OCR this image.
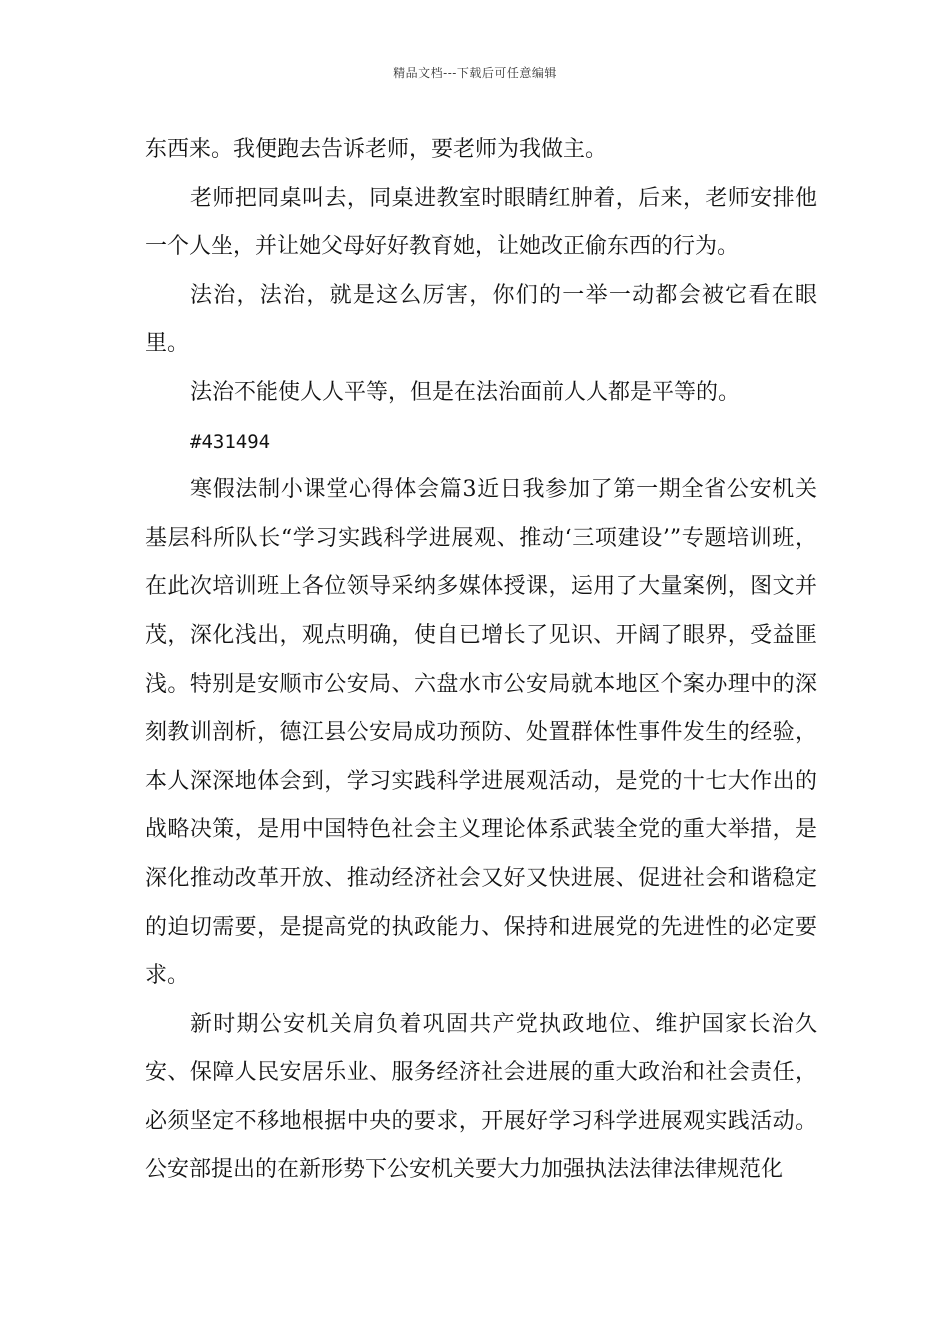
精品文档---下载后可任意编辑

东西来。我便跑去告诉老师，要老师为我做主。

老师把同桌叫去，同桌进教室时眼睛红肿着，后来，老师安排他一个人坐，并让她父母好好教育她，让她改正偷东西的行为。

法治，法治，就是这么厉害，你们的一举一动都会被它看在眼里。

法治不能使人人平等，但是在法治面前人人都是平等的。

#431494

寒假法制小课堂心得体会篇3近日我参加了第一期全省公安机关基层科所队长“学习实践科学进展观、推动‘三项建设’”专题培训班，在此次培训班上各位领导采纳多媒体授课，运用了大量案例，图文并茂，深化浅出，观点明确，使自已增长了见识、开阔了眼界，受益匪浅。特别是安顺市公安局、六盘水市公安局就本地区个案办理中的深刻教训剖析，德江县公安局成功预防、处置群体性事件发生的经验，本人深深地体会到，学习实践科学进展观活动，是党的十七大作出的战略决策，是用中国特色社会主义理论体系武装全党的重大举措，是深化推动改革开放、推动经济社会又好又快进展、促进社会和谐稳定的迫切需要，是提高党的执政能力、保持和进展党的先进性的必定要求。

新时期公安机关肩负着巩固共产党执政地位、维护国家长治久安、保障人民安居乐业、服务经济社会进展的重大政治和社会责任，必须坚定不移地根据中央的要求，开展好学习科学进展观实践活动。公安部提出的在新形势下公安机关要大力加强执法法律法律规范化
